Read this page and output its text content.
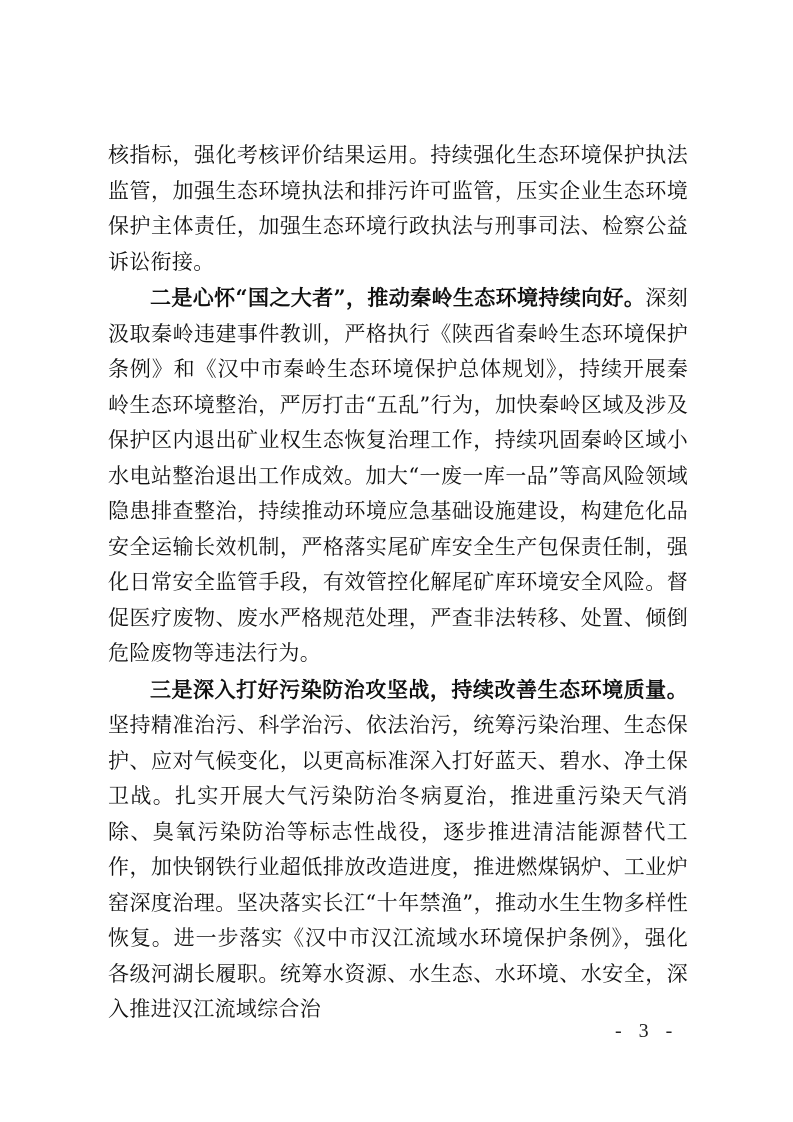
核指标，强化考核评价结果运用。持续强化生态环境保护执法监管，加强生态环境执法和排污许可监管，压实企业生态环境保护主体责任，加强生态环境行政执法与刑事司法、检察公益诉讼衔接。

二是心怀“国之大者”，推动秦岭生态环境持续向好。深刻汲取秦岭违建事件教训，严格执行《陕西省秦岭生态环境保护条例》和《汉中市秦岭生态环境保护总体规划》，持续开展秦岭生态环境整治，严厉打击“五乱”行为，加快秦岭区域及涉及保护区内退出矿业权生态恢复治理工作，持续巩固秦岭区域小水电站整治退出工作成效。加大“一废一库一品”等高风险领域隐患排查整治，持续推动环境应急基础设施建设，构建危化品安全运输长效机制，严格落实尾矿库安全生产包保责任制，强化日常安全监管手段，有效管控化解尾矿库环境安全风险。督促医疗废物、废水严格规范处理，严查非法转移、处置、倾倒危险废物等违法行为。

三是深入打好污染防治攻坚战，持续改善生态环境质量。坚持精准治污、科学治污、依法治污，统筹污染治理、生态保护、应对气候变化，以更高标准深入打好蓝天、碧水、净土保卫战。扎实开展大气污染防治冬病夏治，推进重污染天气消除、臭氧污染防治等标志性战役，逐步推进清洁能源替代工作，加快钢铁行业超低排放改造进度，推进燃煤锅炉、工业炉窑深度治理。坚决落实长江“十年禁渔”，推动水生生物多样性恢复。进一步落实《汉中市汉江流域水环境保护条例》，强化各级河湖长履职。统筹水资源、水生态、水环境、水安全，深入推进汉江流域综合治

- 3 -
